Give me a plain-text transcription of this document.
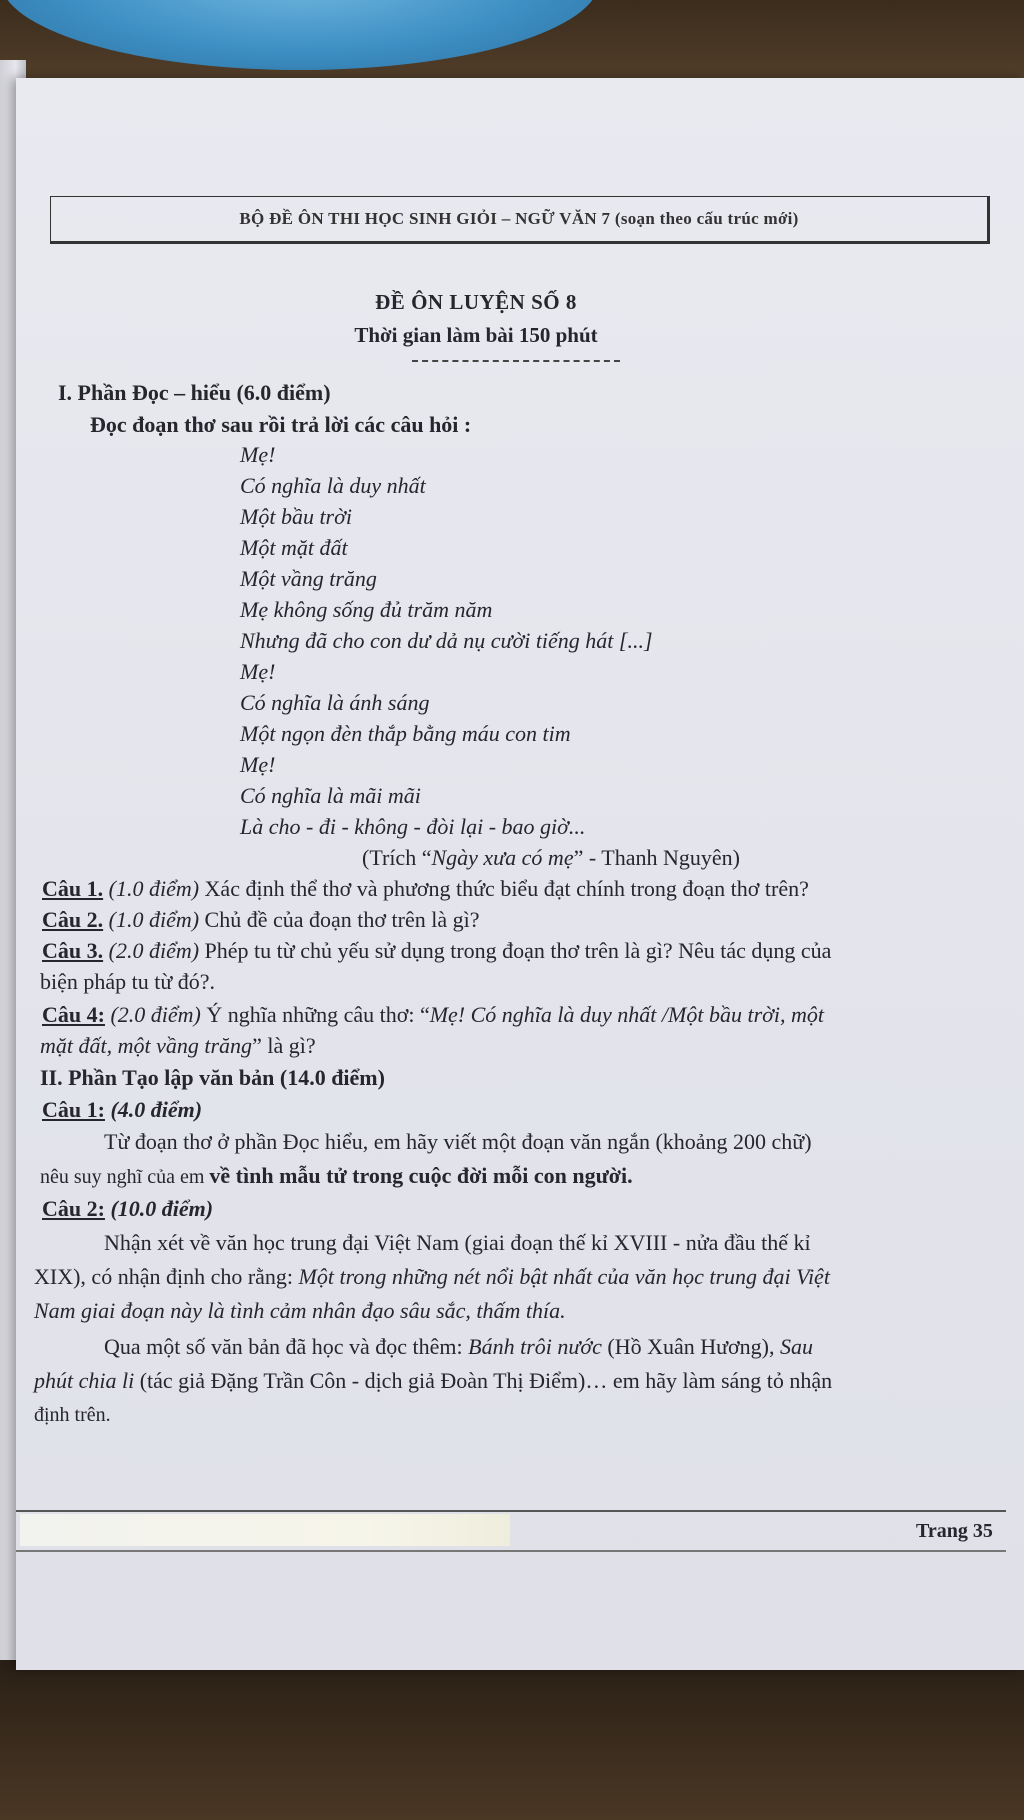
BỘ ĐỀ ÔN THI HỌC SINH GIỎI – NGỮ VĂN 7 (soạn theo cấu trúc mới)
ĐỀ ÔN LUYỆN SỐ 8
Thời gian làm bài 150 phút
I. Phần Đọc – hiểu (6.0 điểm)
Đọc đoạn thơ sau rồi trả lời các câu hỏi :
Mẹ!
Có nghĩa là duy nhất
Một bầu trời
Một mặt đất
Một vầng trăng
Mẹ không sống đủ trăm năm
Nhưng đã cho con dư dả nụ cười tiếng hát [...]
Mẹ!
Có nghĩa là ánh sáng
Một ngọn đèn thắp bằng máu con tim
Mẹ!
Có nghĩa là mãi mãi
Là cho - đi - không - đòi lại - bao giờ...
(Trích “Ngày xưa có mẹ” - Thanh Nguyên)
Câu 1. (1.0 điểm) Xác định thể thơ và phương thức biểu đạt chính trong đoạn thơ trên?
Câu 2. (1.0 điểm) Chủ đề của đoạn thơ trên là gì?
Câu 3. (2.0 điểm) Phép tu từ chủ yếu sử dụng trong đoạn thơ trên là gì? Nêu tác dụng của
biện pháp tu từ đó?.
Câu 4: (2.0 điểm) Ý nghĩa những câu thơ: “Mẹ! Có nghĩa là duy nhất /Một bầu trời, một
mặt đất, một vầng trăng” là gì?
II. Phần Tạo lập văn bản (14.0 điểm)
Câu 1: (4.0 điểm)
Từ đoạn thơ ở phần Đọc hiểu, em hãy viết một đoạn văn ngắn (khoảng 200 chữ)
nêu suy nghĩ của em về tình mẫu tử trong cuộc đời mỗi con người.
Câu 2: (10.0 điểm)
Nhận xét về văn học trung đại Việt Nam (giai đoạn thế kỉ XVIII - nửa đầu thế kỉ
XIX), có nhận định cho rằng: Một trong những nét nổi bật nhất của văn học trung đại Việt
Nam giai đoạn này là tình cảm nhân đạo sâu sắc, thấm thía.
Qua một số văn bản đã học và đọc thêm: Bánh trôi nước (Hồ Xuân Hương), Sau
phút chia li (tác giả Đặng Trần Côn - dịch giả Đoàn Thị Điểm)… em hãy làm sáng tỏ nhận
định trên.
Trang 35
